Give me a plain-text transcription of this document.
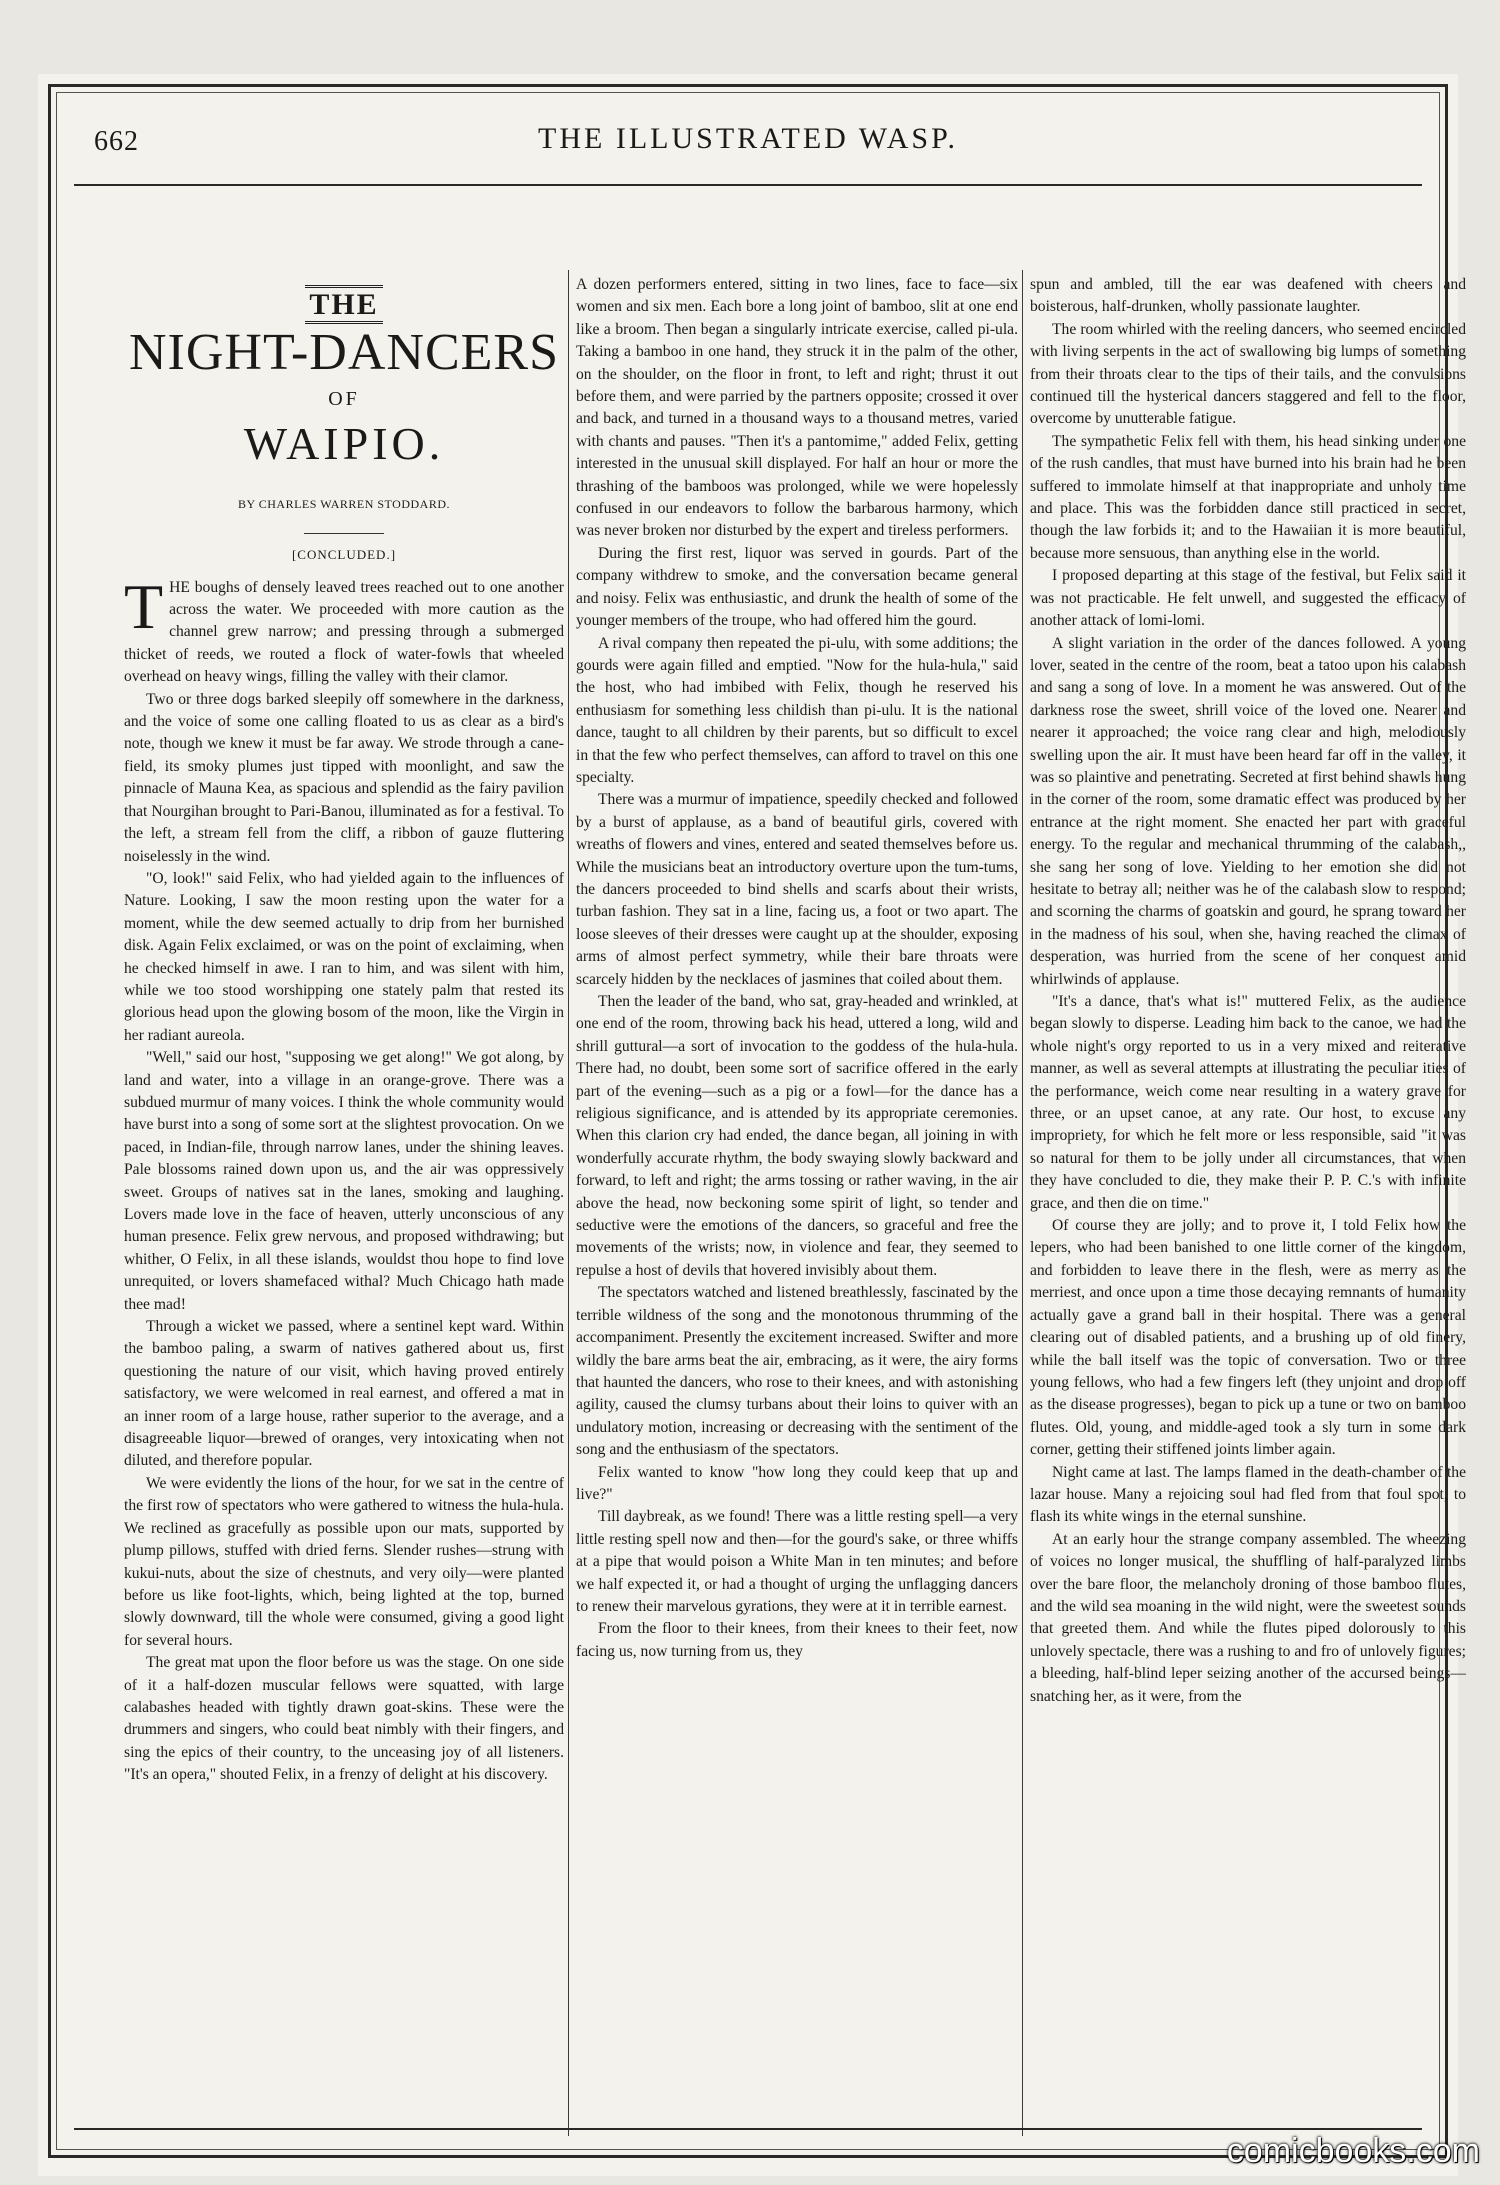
THE ILLUSTRATED WASP.
662
THE
NIGHT-DANCERS
OF
WAIPIO.
BY CHARLES WARREN STODDARD.
[CONCLUDED.]

THE boughs of densely leaved trees reached out to one another across the water. We proceeded with more caution as the channel grew narrow; and pressing through a submerged thicket of reeds, we routed a flock of water-fowls that wheeled overhead on heavy wings, filling the valley with their clamor.

Two or three dogs barked sleepily off somewhere in the darkness, and the voice of some one calling floated to us as clear as a bird's note, though we knew it must be far away. We strode through a cane-field, its smoky plumes just tipped with moonlight, and saw the pinnacle of Mauna Kea, as spacious and splendid as the fairy pavilion that Nourgihan brought to Pari-Banou, illuminated as for a festival. To the left, a stream fell from the cliff, a ribbon of gauze fluttering noiselessly in the wind.

"O, look!" said Felix, who had yielded again to the influences of Nature. Looking, I saw the moon resting upon the water for a moment, while the dew seemed actually to drip from her burnished disk. Again Felix exclaimed, or was on the point of exclaiming, when he checked himself in awe. I ran to him, and was silent with him, while we too stood worshipping one stately palm that rested its glorious head upon the glowing bosom of the moon, like the Virgin in her radiant aureola.

"Well," said our host, "supposing we get along!" We got along, by land and water, into a village in an orange-grove. There was a subdued murmur of many voices. I think the whole community would have burst into a song of some sort at the slightest provocation. On we paced, in Indian-file, through narrow lanes, under the shining leaves. Pale blossoms rained down upon us, and the air was oppressively sweet. Groups of natives sat in the lanes, smoking and laughing. Lovers made love in the face of heaven, utterly unconscious of any human presence. Felix grew nervous, and proposed withdrawing; but whither, O Felix, in all these islands, wouldst thou hope to find love unrequited, or lovers shamefaced withal? Much Chicago hath made thee mad!

Through a wicket we passed, where a sentinel kept ward. Within the bamboo paling, a swarm of natives gathered about us, first questioning the nature of our visit, which having proved entirely satisfactory, we were welcomed in real earnest, and offered a mat in an inner room of a large house, rather superior to the average, and a disagreeable liquor—brewed of oranges, very intoxicating when not diluted, and therefore popular.

We were evidently the lions of the hour, for we sat in the centre of the first row of spectators who were gathered to witness the hula-hula. We reclined as gracefully as possible upon our mats, supported by plump pillows, stuffed with dried ferns. Slender rushes—strung with kukui-nuts, about the size of chestnuts, and very oily—were planted before us like foot-lights, which, being lighted at the top, burned slowly downward, till the whole were consumed, giving a good light for several hours.

The great mat upon the floor before us was the stage. On one side of it a half-dozen muscular fellows were squatted, with large calabashes headed with tightly drawn goat-skins. These were the drummers and singers, who could beat nimbly with their fingers, and sing the epics of their country, to the unceasing joy of all listeners. "It's an opera," shouted Felix, in a frenzy of delight at his discovery.

A dozen performers entered, sitting in two lines, face to face—six women and six men. Each bore a long joint of bamboo, slit at one end like a broom. Then began a singularly intricate exercise, called pi-ula. Taking a bamboo in one hand, they struck it in the palm of the other, on the shoulder, on the floor in front, to left and right; thrust it out before them, and were parried by the partners opposite; crossed it over and back, and turned in a thousand ways to a thousand metres, varied with chants and pauses. "Then it's a pantomime," added Felix, getting interested in the unusual skill displayed. For half an hour or more the thrashing of the bamboos was prolonged, while we were hopelessly confused in our endeavors to follow the barbarous harmony, which was never broken nor disturbed by the expert and tireless performers.

During the first rest, liquor was served in gourds. Part of the company withdrew to smoke, and the conversation became general and noisy. Felix was enthusiastic, and drunk the health of some of the younger members of the troupe, who had offered him the gourd.

A rival company then repeated the pi-ulu, with some additions; the gourds were again filled and emptied. "Now for the hula-hula," said the host, who had imbibed with Felix, though he reserved his enthusiasm for something less childish than pi-ulu. It is the national dance, taught to all children by their parents, but so difficult to excel in that the few who perfect themselves, can afford to travel on this one specialty.

There was a murmur of impatience, speedily checked and followed by a burst of applause, as a band of beautiful girls, covered with wreaths of flowers and vines, entered and seated themselves before us. While the musicians beat an introductory overture upon the tum-tums, the dancers proceeded to bind shells and scarfs about their wrists, turban fashion. They sat in a line, facing us, a foot or two apart. The loose sleeves of their dresses were caught up at the shoulder, exposing arms of almost perfect symmetry, while their bare throats were scarcely hidden by the necklaces of jasmines that coiled about them.

Then the leader of the band, who sat, gray-headed and wrinkled, at one end of the room, throwing back his head, uttered a long, wild and shrill guttural—a sort of invocation to the goddess of the hula-hula. There had, no doubt, been some sort of sacrifice offered in the early part of the evening—such as a pig or a fowl—for the dance has a religious significance, and is attended by its appropriate ceremonies. When this clarion cry had ended, the dance began, all joining in with wonderfully accurate rhythm, the body swaying slowly backward and forward, to left and right; the arms tossing or rather waving, in the air above the head, now beckoning some spirit of light, so tender and seductive were the emotions of the dancers, so graceful and free the movements of the wrists; now, in violence and fear, they seemed to repulse a host of devils that hovered invisibly about them.

The spectators watched and listened breathlessly, fascinated by the terrible wildness of the song and the monotonous thrumming of the accompaniment. Presently the excitement increased. Swifter and more wildly the bare arms beat the air, embracing, as it were, the airy forms that haunted the dancers, who rose to their knees, and with astonishing agility, caused the clumsy turbans about their loins to quiver with an undulatory motion, increasing or decreasing with the sentiment of the song and the enthusiasm of the spectators.

Felix wanted to know "how long they could keep that up and live?"

Till daybreak, as we found! There was a little resting spell—a very little resting spell now and then—for the gourd's sake, or three whiffs at a pipe that would poison a White Man in ten minutes; and before we half expected it, or had a thought of urging the unflagging dancers to renew their marvelous gyrations, they were at it in terrible earnest.

From the floor to their knees, from their knees to their feet, now facing us, now turning from us, they

spun and ambled, till the ear was deafened with cheers and boisterous, half-drunken, wholly passionate laughter.

The room whirled with the reeling dancers, who seemed encircled with living serpents in the act of swallowing big lumps of something from their throats clear to the tips of their tails, and the convulsions continued till the hysterical dancers staggered and fell to the floor, overcome by unutterable fatigue.

The sympathetic Felix fell with them, his head sinking under one of the rush candles, that must have burned into his brain had he been suffered to immolate himself at that inappropriate and unholy time and place. This was the forbidden dance still practiced in secret, though the law forbids it; and to the Hawaiian it is more beautiful, because more sensuous, than anything else in the world.

I proposed departing at this stage of the festival, but Felix said it was not practicable. He felt unwell, and suggested the efficacy of another attack of lomi-lomi.

A slight variation in the order of the dances followed. A young lover, seated in the centre of the room, beat a tatoo upon his calabash and sang a song of love. In a moment he was answered. Out of the darkness rose the sweet, shrill voice of the loved one. Nearer and nearer it approached; the voice rang clear and high, melodiously swelling upon the air. It must have been heard far off in the valley, it was so plaintive and penetrating. Secreted at first behind shawls hung in the corner of the room, some dramatic effect was produced by her entrance at the right moment. She enacted her part with graceful energy. To the regular and mechanical thrumming of the calabash,, she sang her song of love. Yielding to her emotion she did not hesitate to betray all; neither was he of the calabash slow to respond; and scorning the charms of goatskin and gourd, he sprang toward her in the madness of his soul, when she, having reached the climax of desperation, was hurried from the scene of her conquest amid whirlwinds of applause.

"It's a dance, that's what is!" muttered Felix, as the audience began slowly to disperse. Leading him back to the canoe, we had the whole night's orgy reported to us in a very mixed and reiterative manner, as well as several attempts at illustrating the peculiar ities of the performance, weich come near resulting in a watery grave for three, or an upset canoe, at any rate. Our host, to excuse any impropriety, for which he felt more or less responsible, said "it was so natural for them to be jolly under all circumstances, that when they have concluded to die, they make their P. P. C.'s with infinite grace, and then die on time."

Of course they are jolly; and to prove it, I told Felix how the lepers, who had been banished to one little corner of the kingdom, and forbidden to leave there in the flesh, were as merry as the merriest, and once upon a time those decaying remnants of humanity actually gave a grand ball in their hospital. There was a general clearing out of disabled patients, and a brushing up of old finery, while the ball itself was the topic of conversation. Two or three young fellows, who had a few fingers left (they unjoint and drop off as the disease progresses), began to pick up a tune or two on bamboo flutes. Old, young, and middle-aged took a sly turn in some dark corner, getting their stiffened joints limber again.

Night came at last. The lamps flamed in the death-chamber of the lazar house. Many a rejoicing soul had fled from that foul spot, to flash its white wings in the eternal sunshine.

At an early hour the strange company assembled. The wheezing of voices no longer musical, the shuffling of half-paralyzed limbs over the bare floor, the melancholy droning of those bamboo flutes, and the wild sea moaning in the wild night, were the sweetest sounds that greeted them. And while the flutes piped dolorously to this unlovely spectacle, there was a rushing to and fro of unlovely figures; a bleeding, half-blind leper seizing another of the accursed beings—snatching her, as it were, from the

comicbooks.com
